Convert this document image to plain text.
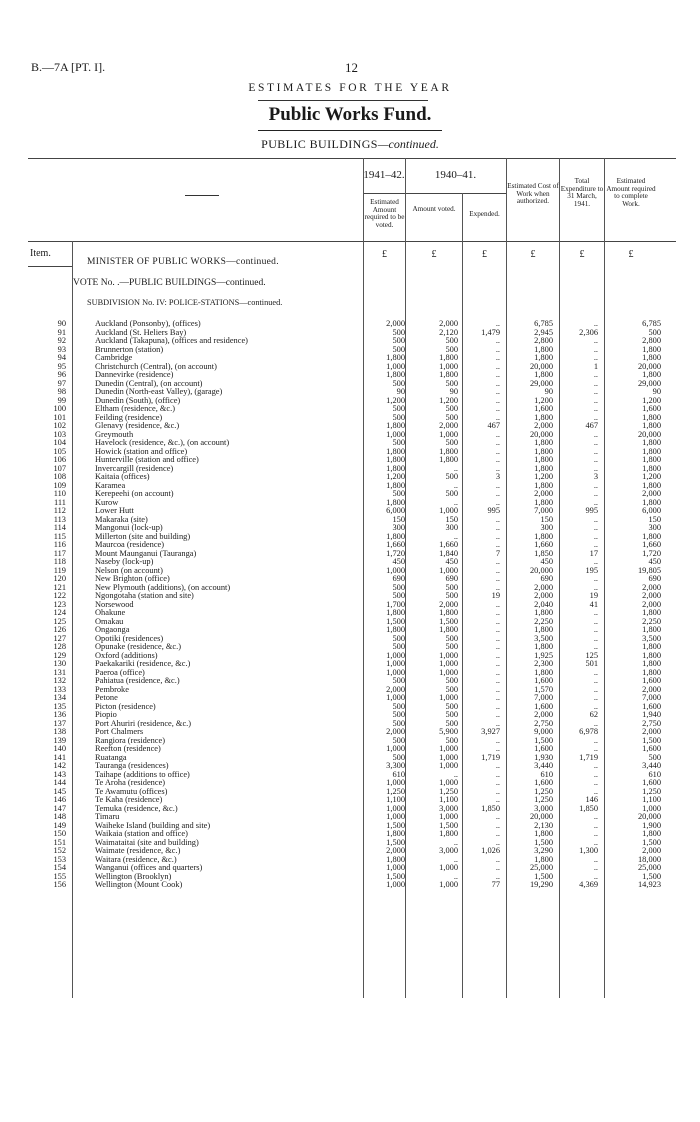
B.—7A [PT. I].	12
ESTIMATES FOR THE YEAR
Public Works Fund.
PUBLIC BUILDINGS—continued.
1941–42.	1940–41.
Estimated Amount required to be voted.
Amount voted.
Expended.
Estimated Cost of Work when authorized.
Total Expenditure to 31 March, 1941.
Estimated Amount required to complete Work.
Item.	£	£	£	£	£	£
MINISTER OF PUBLIC WORKS—continued.
VOTE No. .—PUBLIC BUILDINGS—continued.
SUBDIVISION No. IV: POLICE-STATIONS—continued.
90	Auckland (Ponsonby), (offices)	2,000	2,000	..	6,785	..	6,785
91	Auckland (St. Heliers Bay)	500	2,120	1,479	2,945	2,306	500
92	Auckland (Takapuna), (offices and residence)	500	500	..	2,800	..	2,800
93	Brunnerton (station)	500	500	..	1,800	..	1,800
94	Cambridge	1,800	1,800	..	1,800	..	1,800
95	Christchurch (Central), (on account)	1,000	1,000	..	20,000	1	20,000
96	Dannevirke (residence)	1,800	1,800	..	1,800	..	1,800
97	Dunedin (Central), (on account)	500	500	..	29,000	..	29,000
98	Dunedin (North-east Valley), (garage)	90	90	..	90	..	90
99	Dunedin (South), (office)	1,200	1,200	..	1,200	..	1,200
100	Eltham (residence, &c.)	500	500	..	1,600	..	1,600
101	Feilding (residence)	500	500	..	1,800	..	1,800
102	Glenavy (residence, &c.)	1,800	2,000	467	2,000	467	1,800
103	Greymouth	1,000	1,000	..	20,000	..	20,000
104	Havelock (residence, &c.), (on account)	500	500	..	1,800	..	1,800
105	Howick (station and office)	1,800	1,800	..	1,800	..	1,800
106	Hunterville (station and office)	1,800	1,800	..	1,800	..	1,800
107	Invercargill (residence)	1,800	..	..	1,800	..	1,800
108	Kaitaia (offices)	1,200	500	3	1,200	3	1,200
109	Karamea	1,800	..	..	1,800	..	1,800
110	Kerepeehi (on account)	500	500	..	2,000	..	2,000
111	Kurow	1,800	..	..	1,800	..	1,800
112	Lower Hutt	6,000	1,000	995	7,000	995	6,000
113	Makaraka (site)	150	150	..	150	..	150
114	Mangonui (lock-up)	300	300	..	300	..	300
115	Millerton (site and building)	1,800	..	..	1,800	..	1,800
116	Maurcoa (residence)	1,660	1,660	..	1,660	..	1,660
117	Mount Maunganui (Tauranga)	1,720	1,840	7	1,850	17	1,720
118	Naseby (lock-up)	450	450	..	450	..	450
119	Nelson (on account)	1,000	1,000	..	20,000	195	19,805
120	New Brighton (office)	690	690	..	690	..	690
121	New Plymouth (additions), (on account)	500	500	..	2,000	..	2,000
122	Ngongotaha (station and site)	500	500	19	2,000	19	2,000
123	Norsewood	1,700	2,000	..	2,040	41	2,000
124	Ohakune	1,800	1,800	..	1,800	..	1,800
125	Omakau	1,500	1,500	..	2,250	..	2,250
126	Ongaonga	1,800	1,800	..	1,800	..	1,800
127	Opotiki (residences)	500	500	..	3,500	..	3,500
128	Opunake (residence, &c.)	500	500	..	1,800	..	1,800
129	Oxford (additions)	1,000	1,000	..	1,925	125	1,800
130	Paekakariki (residence, &c.)	1,000	1,000	..	2,300	501	1,800
131	Paeroa (office)	1,000	1,000	..	1,800	..	1,800
132	Pahiatua (residence, &c.)	500	500	..	1,600	..	1,600
133	Pembroke	2,000	500	..	1,570	..	2,000
134	Petone	1,000	1,000	..	7,000	..	7,000
135	Picton (residence)	500	500	..	1,600	..	1,600
136	Piopio	500	500	..	2,000	62	1,940
137	Port Ahuriri (residence, &c.)	500	500	..	2,750	..	2,750
138	Port Chalmers	2,000	5,900	3,927	9,000	6,978	2,000
139	Rangiora (residence)	500	500	..	1,500	..	1,500
140	Reefton (residence)	1,000	1,000	..	1,600	..	1,600
141	Ruatanga	500	1,000	1,719	1,930	1,719	500
142	Tauranga (residences)	3,300	1,000	..	3,440	..	3,440
143	Taihape (additions to office)	610	..	..	610	..	610
144	Te Aroha (residence)	1,000	1,000	..	1,600	..	1,600
145	Te Awamutu (offices)	1,250	1,250	..	1,250	..	1,250
146	Te Kaha (residence)	1,100	1,100	..	1,250	146	1,100
147	Temuka (residence, &c.)	1,000	3,000	1,850	3,000	1,850	1,000
148	Timaru	1,000	1,000	..	20,000	..	20,000
149	Waiheke Island (building and site)	1,500	1,500	..	2,130	..	1,900
150	Waikaia (station and office)	1,800	1,800	..	1,800	..	1,800
151	Waimataitai (site and building)	1,500	..	..	1,500	..	1,500
152	Waimate (residence, &c.)	2,000	3,000	1,026	3,290	1,300	2,000
153	Waitara (residence, &c.)	1,800	..	..	1,800	..	18,000
154	Wanganui (offices and quarters)	1,000	1,000	..	25,000	..	25,000
155	Wellington (Brooklyn)	1,500	..	..	1,500	..	1,500
156	Wellington (Mount Cook)	1,000	1,000	77	19,290	4,369	14,923
